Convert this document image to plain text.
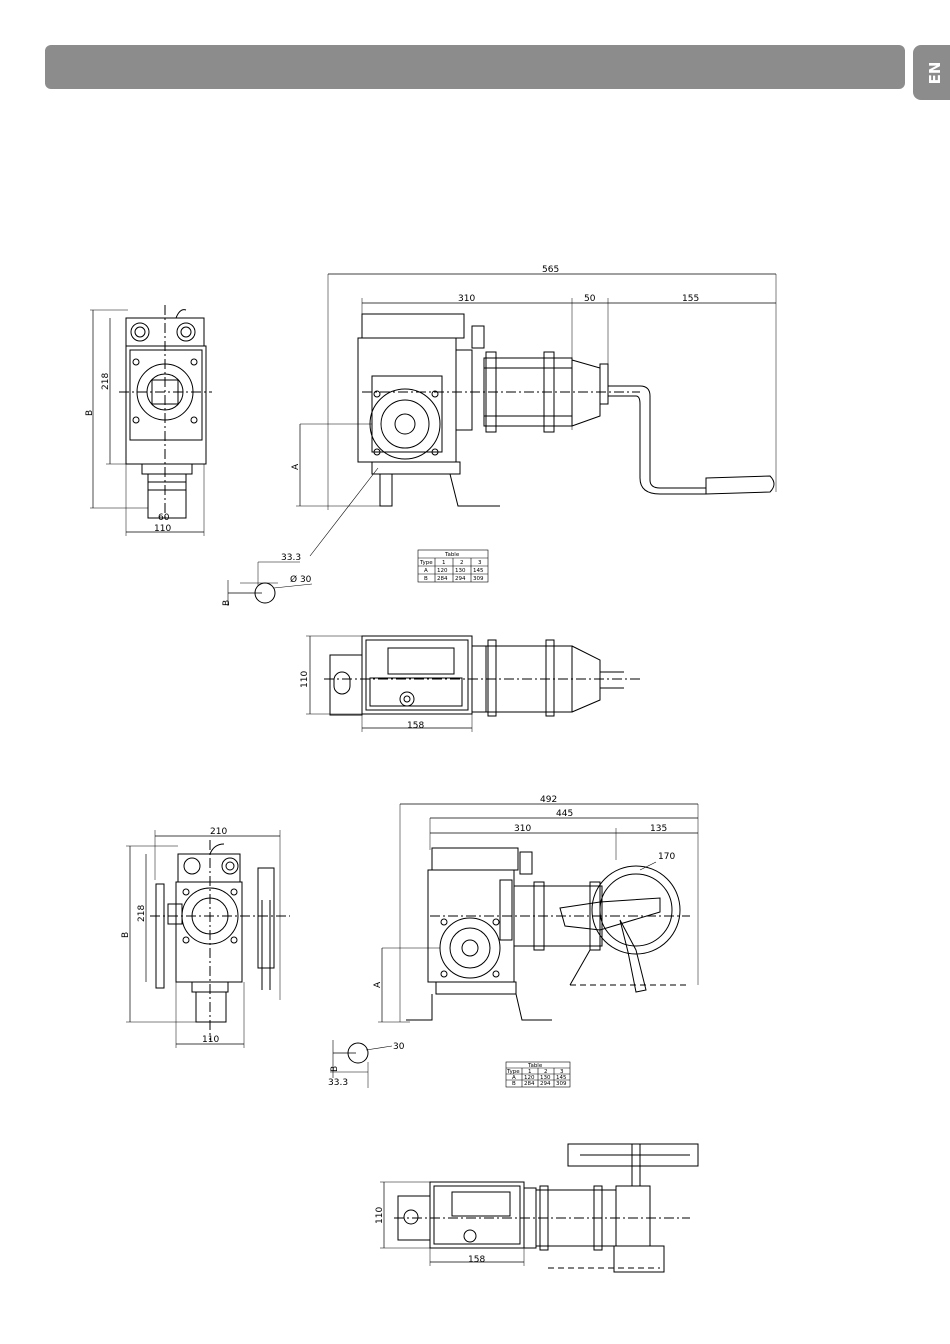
EN
218
B
60
110
565
310	50	155
A
33.3
Ø 30
B
Table
Type 1	2	3
A 120 130 145
B 284 294 309
110
158
210
218
B
110
492
445
310	135
170
A
30
33.3
B	Table
Type 1 2 3
A 120 130 145
B 284 294 309
110
158
